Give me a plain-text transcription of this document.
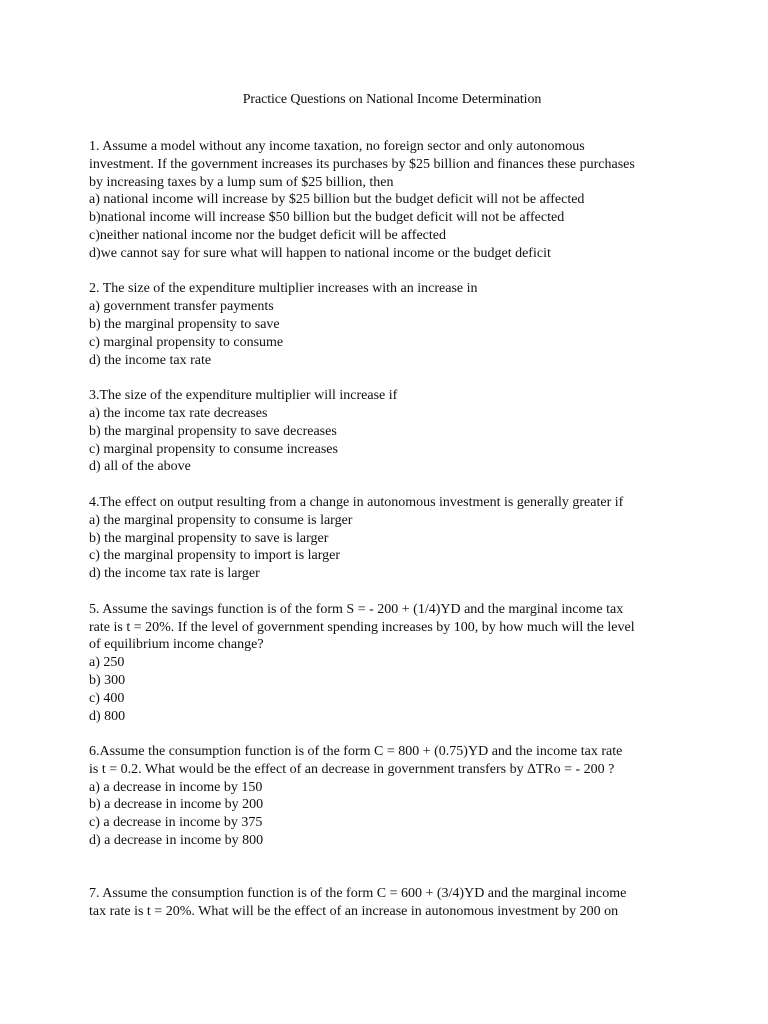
Practice Questions on National Income Determination
1. Assume a model without any income taxation, no foreign sector and only autonomous
investment. If the government increases its purchases by $25 billion and finances these purchases
by increasing taxes by a lump sum of $25 billion, then
a) national income will increase by $25 billion but the budget deficit will not be affected
b)national income will increase $50 billion but the budget deficit will not be affected
c)neither national income nor the budget deficit will be affected
d)we cannot say for sure what will happen to national income or the budget deficit
2. The size of the expenditure multiplier increases with an increase in
a) government transfer payments
b) the marginal propensity to save
c) marginal propensity to consume
d) the income tax rate
3.The size of the expenditure multiplier will increase if
a) the income tax rate decreases
b) the marginal propensity to save decreases
c) marginal propensity to consume increases
d) all of the above
4.The effect on output resulting from a change in autonomous investment is generally greater if
a) the marginal propensity to consume is larger
b) the marginal propensity to save is larger
c) the marginal propensity to import is larger
d) the income tax rate is larger
5. Assume the savings function is of the form S = - 200 + (1/4)YD and the marginal income tax
rate is t = 20%. If the level of government spending increases by 100, by how much will the level
of equilibrium income change?
a) 250
b) 300
c) 400
d) 800
6.Assume the consumption function is of the form C = 800 + (0.75)YD and the income tax rate
is t = 0.2. What would be the effect of an decrease in government transfers by ∆TRo = - 200 ?
a) a decrease in income by 150
b) a decrease in income by 200
c) a decrease in income by 375
d) a decrease in income by 800
7. Assume the consumption function is of the form C = 600 + (3/4)YD and the marginal income
tax rate is t = 20%. What will be the effect of an increase in autonomous investment by 200 on
